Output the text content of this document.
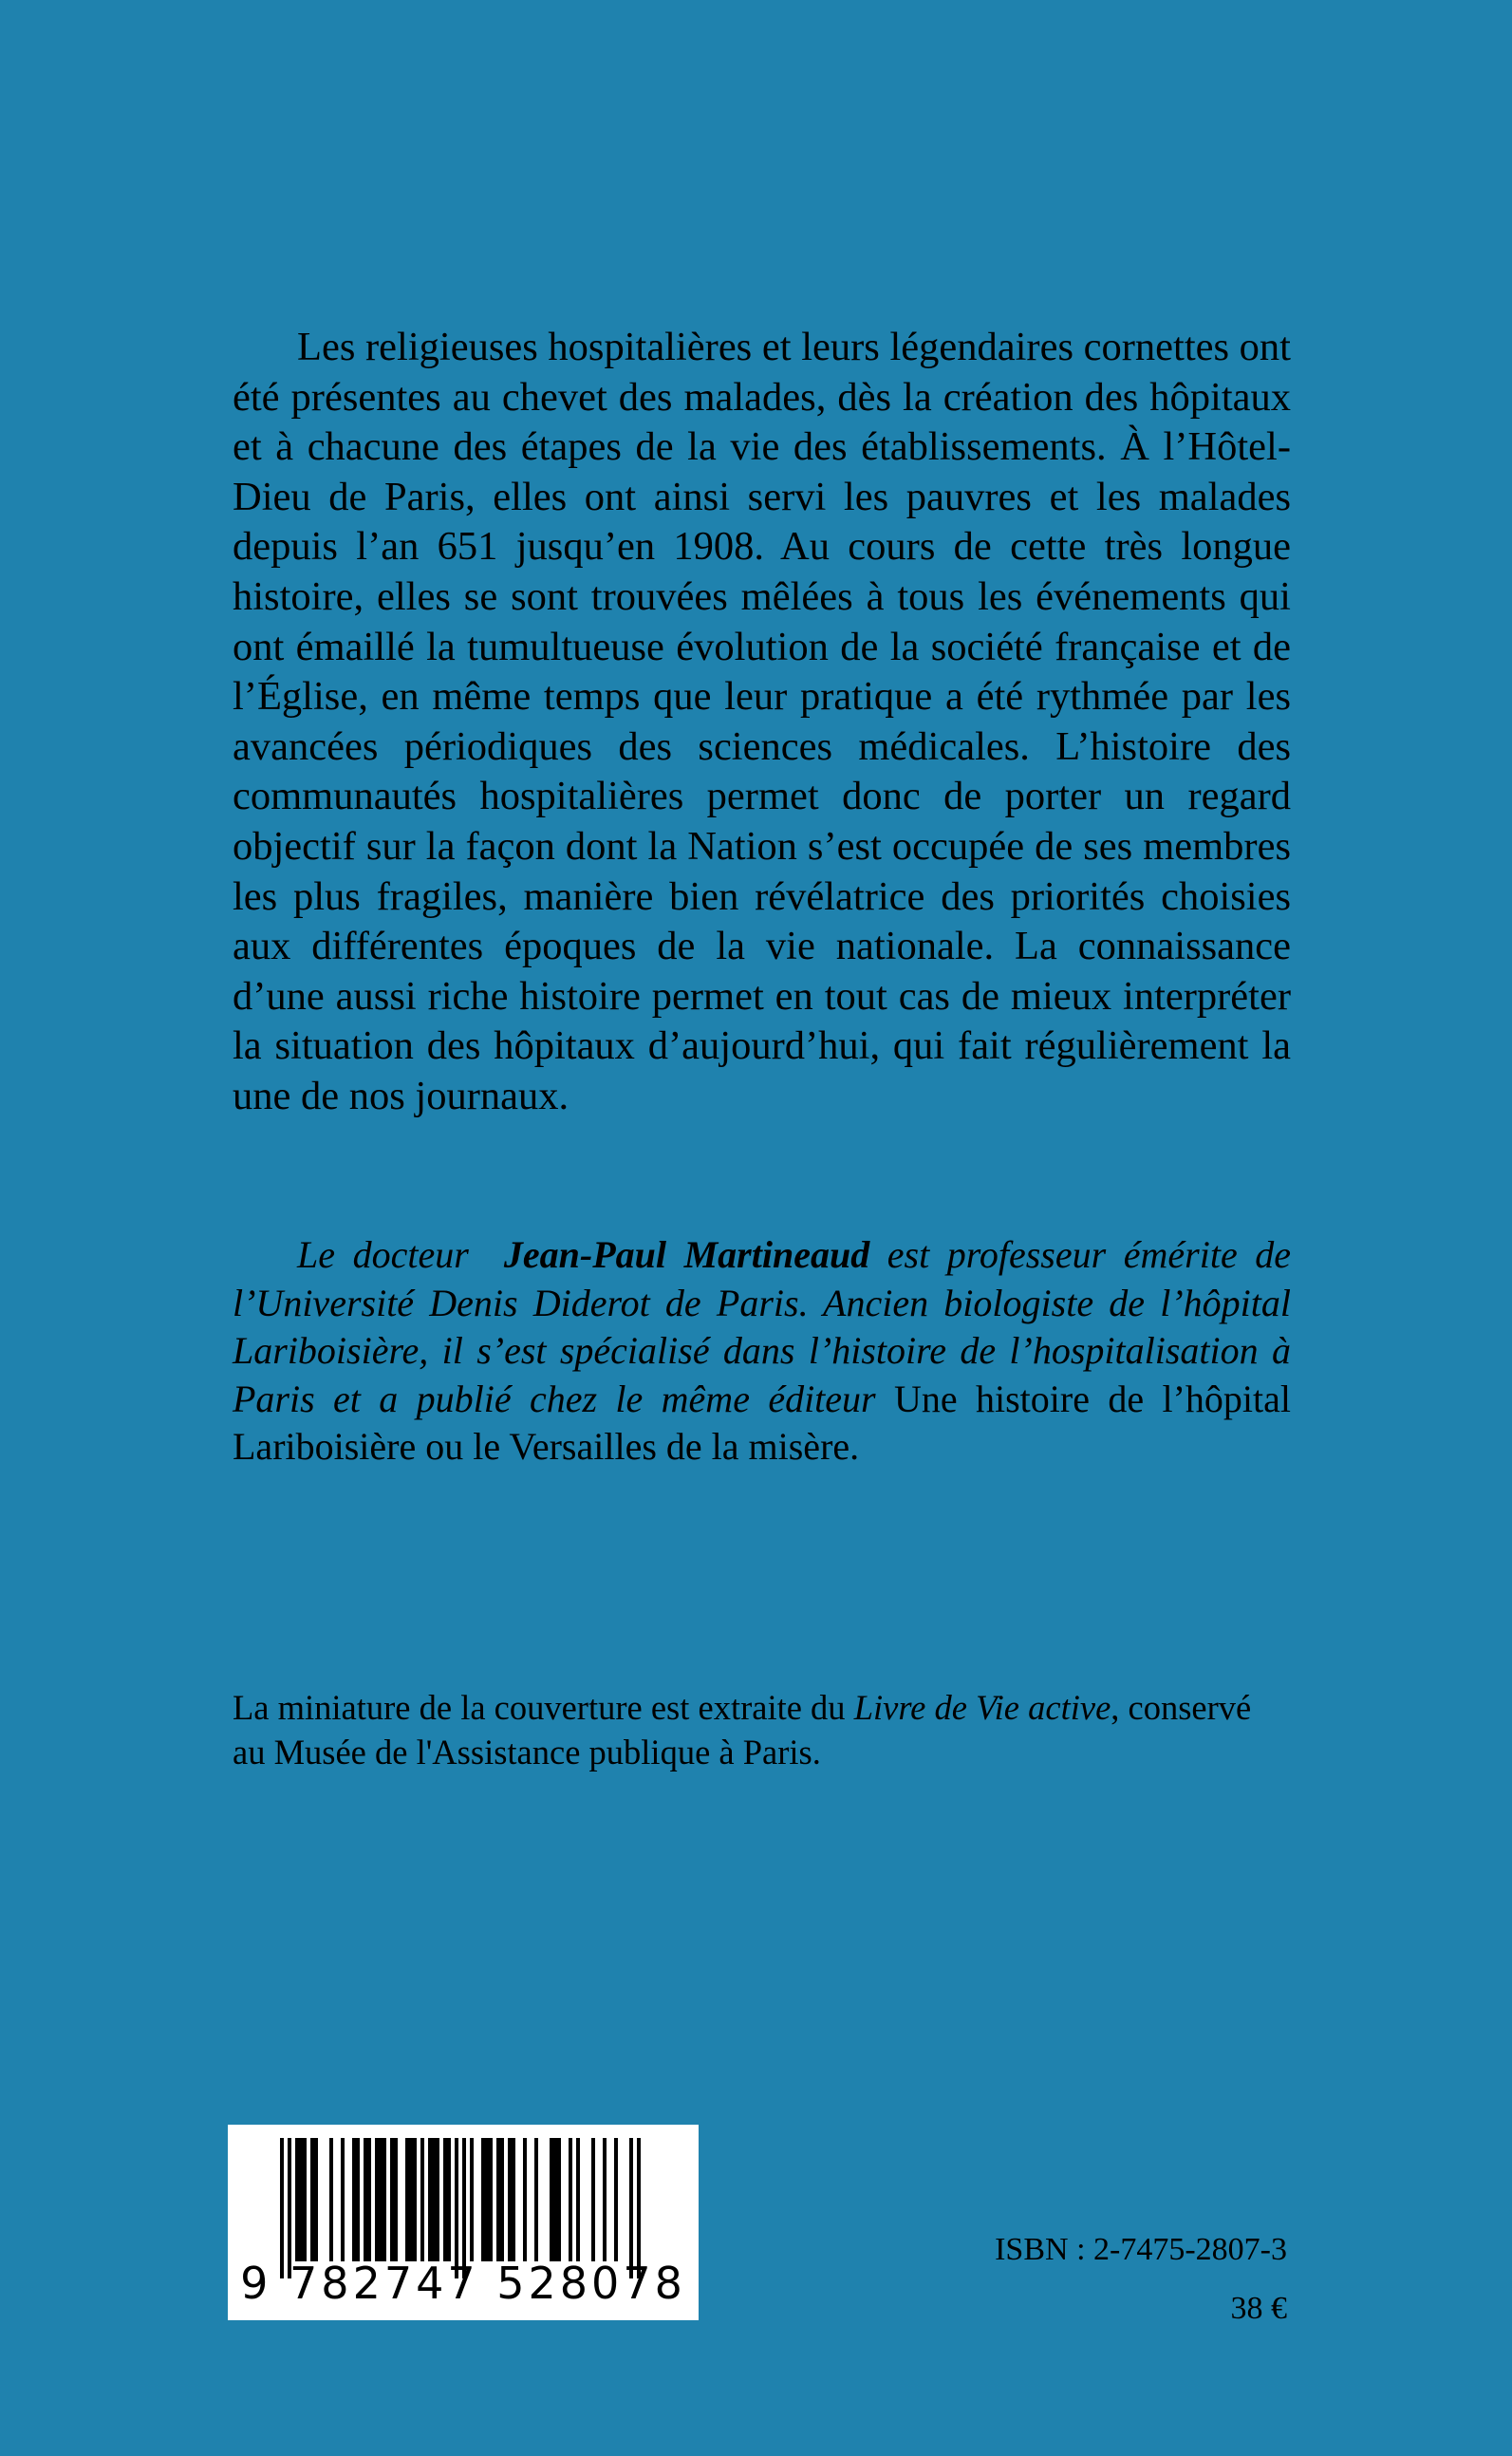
Les religieuses hospitalières et leurs légendaires cornettes ont été présentes au chevet des malades, dès la création des hôpitaux et à chacune des étapes de la vie des établissements. À l’Hôtel-Dieu de Paris, elles ont ainsi servi les pauvres et les malades depuis l’an 651 jusqu’en 1908. Au cours de cette très longue histoire, elles se sont trouvées mêlées à tous les événements qui ont émaillé la tumultueuse évolution de la société française et de l’Église, en même temps que leur pratique a été rythmée par les avancées périodiques des sciences médicales. L’histoire des communautés hospitalières permet donc de porter un regard objectif sur la façon dont la Nation s’est occupée de ses membres les plus fragiles, manière bien révélatrice des priorités choisies aux différentes époques de la vie nationale. La connaissance d’une aussi riche histoire permet en tout cas de mieux interpréter la situation des hôpitaux d’aujourd’hui, qui fait régulièrement la une de nos journaux.

Le docteur Jean-Paul Martineaud est professeur émérite de l’Université Denis Diderot de Paris. Ancien biologiste de l’hôpital Lariboisière, il s’est spécialisé dans l’histoire de l’hospitalisation à Paris et a publié chez le même éditeur Une histoire de l’hôpital Lariboisière ou le Versailles de la misère.

La miniature de la couverture est extraite du Livre de Vie active, conservé au Musée de l'Assistance publique à Paris.

9 782747 528078
ISBN : 2-7475-2807-3
38 €
